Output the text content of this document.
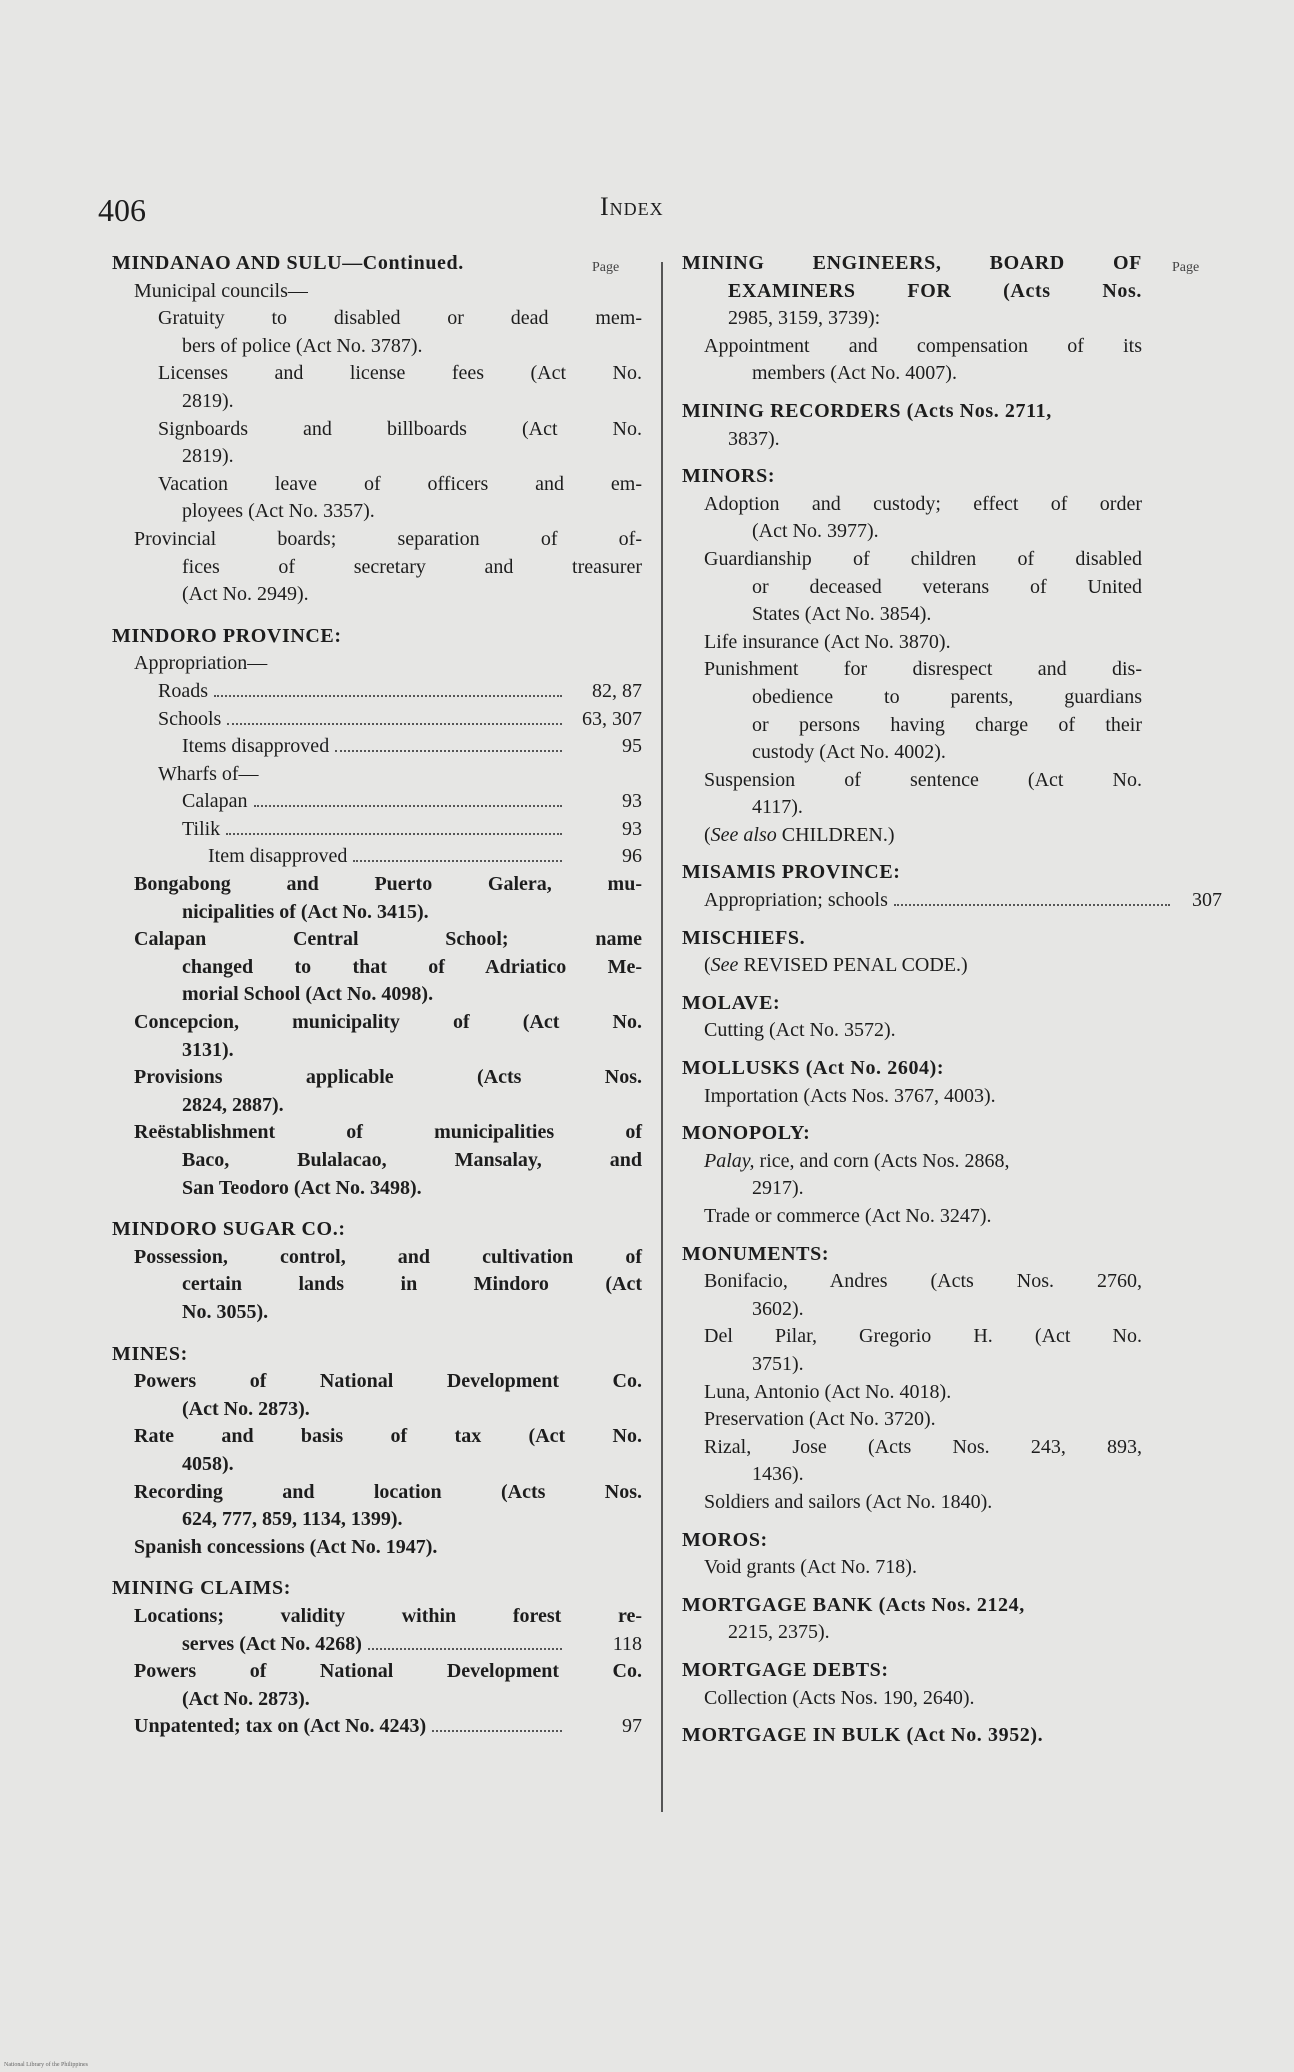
406	Index
Page	Page
MINDANAO AND SULU—Continued.
Municipal councils—
Gratuity to disabled or dead mem-
bers of police (Act No. 3787).
Licenses and license fees (Act No.
2819).
Signboards and billboards (Act No.
2819).
Vacation leave of officers and em-
ployees (Act No. 3357).
Provincial boards; separation of of-
fices of secretary and treasurer
(Act No. 2949).
MINDORO PROVINCE:
Appropriation—
Roads	82, 87
Schools	63, 307
Items disapproved	95
Wharfs of—
Calapan	93
Tilik	93
Item disapproved	96
Bongabong and Puerto Galera, mu-
nicipalities of (Act No. 3415).
Calapan Central School; name
changed to that of Adriatico Me-
morial School (Act No. 4098).
Concepcion, municipality of (Act No.
3131).
Provisions applicable (Acts Nos.
2824, 2887).
Reëstablishment of municipalities of
Baco, Bulalacao, Mansalay, and
San Teodoro (Act No. 3498).
MINDORO SUGAR CO.:
Possession, control, and cultivation of
certain lands in Mindoro (Act
No. 3055).
MINES:
Powers of National Development Co.
(Act No. 2873).
Rate and basis of tax (Act No.
4058).
Recording and location (Acts Nos.
624, 777, 859, 1134, 1399).
Spanish concessions (Act No. 1947).
MINING CLAIMS:
Locations; validity within forest re-
serves (Act No. 4268)	118
Powers of National Development Co.
(Act No. 2873).
Unpatented; tax on (Act No. 4243)	97
MINING ENGINEERS, BOARD OF
EXAMINERS FOR (Acts Nos.
2985, 3159, 3739):
Appointment and compensation of its
members (Act No. 4007).
MINING RECORDERS (Acts Nos. 2711,
3837).
MINORS:
Adoption and custody; effect of order
(Act No. 3977).
Guardianship of children of disabled
or deceased veterans of United
States (Act No. 3854).
Life insurance (Act No. 3870).
Punishment for disrespect and dis-
obedience to parents, guardians
or persons having charge of their
custody (Act No. 4002).
Suspension of sentence (Act No.
4117).
(See also CHILDREN.)
MISAMIS PROVINCE:
Appropriation; schools	307
MISCHIEFS.
(See REVISED PENAL CODE.)
MOLAVE:
Cutting (Act No. 3572).
MOLLUSKS (Act No. 2604):
Importation (Acts Nos. 3767, 4003).
MONOPOLY:
Palay, rice, and corn (Acts Nos. 2868,
2917).
Trade or commerce (Act No. 3247).
MONUMENTS:
Bonifacio, Andres (Acts Nos. 2760,
3602).
Del Pilar, Gregorio H. (Act No.
3751).
Luna, Antonio (Act No. 4018).
Preservation (Act No. 3720).
Rizal, Jose (Acts Nos. 243, 893,
1436).
Soldiers and sailors (Act No. 1840).
MOROS:
Void grants (Act No. 718).
MORTGAGE BANK (Acts Nos. 2124,
2215, 2375).
MORTGAGE DEBTS:
Collection (Acts Nos. 190, 2640).
MORTGAGE IN BULK (Act No. 3952).
National Library of the Philippines
